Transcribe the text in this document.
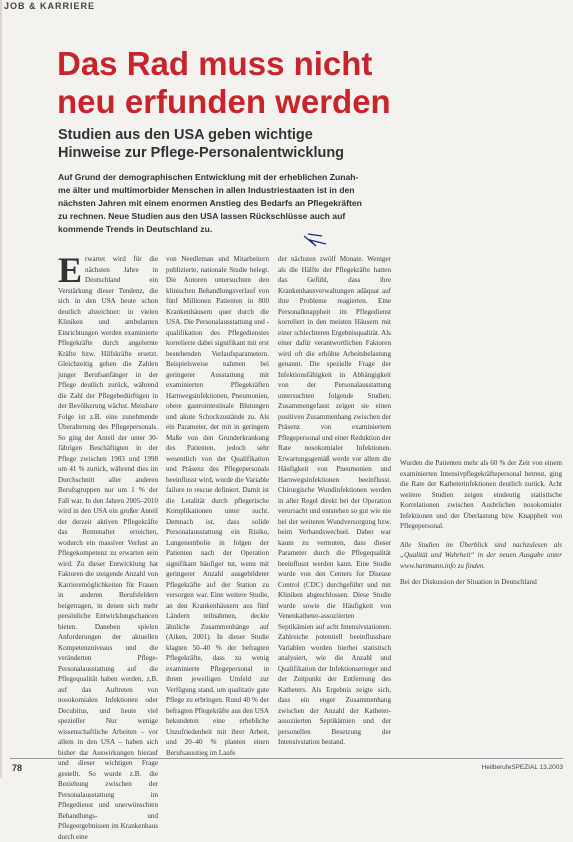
JOB & KARRIERE
Das Rad muss nicht
neu erfunden werden
Studien aus den USA geben wichtige
Hinweise zur Pflege-Personalentwicklung
Auf Grund der demographischen Entwicklung mit der erheblichen Zunah-
me älter und multimorbider Menschen in allen Industriestaaten ist in den
nächsten Jahren mit einem enormen Anstieg des Bedarfs an Pflegekräften
zu rechnen. Neue Studien aus den USA lassen Rückschlüsse auch auf
kommende Trends in Deutschland zu.
E rwartet wird für die nächsten Jahre in Deutschland ein Verstärkung dieser Tendenz, die sich in den USA heute schon deutlich abzeichnet: in vielen Kliniken und ambulanten Einrichtungen werden examinierte Pflegekräfte durch angelernte Kräfte bzw. Hilfskräfte ersetzt. Gleichzeitig gehen die Zahlen junger Berufsanfänger in der Pflege deutlich zurück, während die Zahl der Pflegebedürftigen in der Bevölkerung wächst. Messbare Folge ist z.B. eine zunehmende Überalterung des Pflegepersonals. So ging der Anteil der unter 30-Jährigen Beschäftigten in der Pflege zwischen 1983 und 1998 um 41 % zurück, während dies im Durchschnitt aller anderen Berufsgruppen nur um 1 % der Fall war. In den Jahren 2005–2010 wird in den USA ein großer Anteil der derzeit aktiven Pflegekräfte das Rentenalter erreichen, wodurch ein massiver Verlust an Pflegekompetenz zu erwarten sein wird. Zu dieser Entwicklung hat Faktoren die steigende Anzahl von Karrieremöglichkeiten für Frauen in anderen Berufsfeldern beigetragen, in denen sich mehr persönliche Entwicklungschancen bieten. Daneben spielen Anforderungen der aktuellen Kompetenzniveaus und die veränderten Pflege-Personalausstattung auf die Pflegequalität haben werden, z.B. auf das Auftreten von nosokomialen Infektionen oder Decubitus, und heute viel spezieller Nur wenige wissenschaftliche Arbeiten – vor allem in den USA – haben sich bisher dar Auswirkungen hierauf und dieser wichtigen Frage gestellt. So wurde z.B. die Beziehung zwischen der Personalausstattung im Pflegedienst und unerwünschten Behandlungs- und Pflegeergebnissen im Krankenhaus durch eine
von Needleman und Mitarbeitern publizierte, nationale Studie belegt. Die Autoren untersuchten den klinischen Behandlungsverlauf von fünf Millionen Patienten in 800 Krankenhäusern quer durch die USA. Die Personalausstattung und -qualifikation des Pflegedienstes korrelierte dabei signifikant mit erst bestehenden Verlaufsparametern. Beispielsweise nahmen bei geringerer Ausstattung mit examinierten Pflegekräften Harnwegsinfektionen, Pneumonien, obere gastrointestinale Blutungen und akute Schockzustände zu. Als ein Parameter, der mit in geringem Maße von den Grunderkrankung des Patienten, jedoch sehr wesentlich von der Qualifikation und Präsenz des Pflegepersonals beeinflusst wird, wurde die Variable failure to rescue definiert. Damit ist die Letalität durch pflegerische Komplikationen unter sucht. Demnach ist, dass solide Personalausstattung ein Risiko, Lungenembolie in folgen der Patienten nach der Operation signifikant häufiger tut, wenn mit geringerer Anzahl ausgebildeter Pflegekräfte auf der Station zu versorgen war. Eine weitere Studie, an den Krankenhäusern aus fünf Ländern teilnahmen, deckte ähnliche Zusammenhänge auf (Aiken, 2001). In dieser Studie klagten 50–40 % der befragten Pflegekräfte, dass zu wenig examinierte Pflegepersonal in ihrem jeweiligen Umfeld zur Verfügung stand, um qualitativ gute Pflege zu erbringen. Rund 40 % der befragten Pflegekräfte aus den USA bekundeten eine erhebliche Unzufriedenheit mit ihrer Arbeit, und 20–40 % planten einen Berufsausstieg im Laufe
der nächsten zwölf Monate. Weniger als die Hälfte der Pflegekräfte hatten das Gefühl, dass ihre Krankenhausverwaltungen adäquat auf ihre Probleme reagierten. Eine Personalknappheit im Pflegedienst korreliert in den meisten Häusern mit einer schlechteren Ergebnisqualität. Als einer dafür verantwortlichen Faktoren wird oft die erhöhte Arbeitsbelastung genannt. Die spezielle Frage der Infektionsfähigkeit in Abhängigkeit von der Personalausstattung untersuchten folgende Studien. Zusammengefasst zeigen sie einen positiven Zusammenhang zwischen der Präsenz von examiniertem Pflegepersonal und einer Reduktion der Rate nosokomialer Infektionen. Erwartungsgemäß werde vor allem die Häufigkeit von Pneumonien und Harnwegsinfektionen beeinflusst. Chirurgische Wundinfektionen werden in aller Regel direkt bei der Operation verursacht und entstehen so gut wie nie bei der weiteren Wundversorgung bzw. beim Verbandswechsel. Daher war kaum zu vermuten, dass dieser Parameter durch die Pflegequalität beeinflusst werden kann. Eine Studie wurde von den Centers for Disease Control (CDC) durchgeführt und mit Kliniken abgeschlossen. Diese Studie wurde sowie die Häufigkeit von Venenkatheter-assoziierten Septikämien auf acht Intensivstationen. Zahlreiche potentiell beeinflussbare Variablen wurden hierbei statistisch analysiert, wie die Anzahl und Qualifikation der Infektionserreger und der Zeitpunkt der Entfernung des Katheters. Als Ergebnis zeigte sich, dass ein enger Zusammenhang zwischen der Anzahl der Katheter-assoziierten Septikämien und der personellen Besetzung der Intensivstation bestand.
Wurden die Patienten mehr als 60 % der Zeit von einem examinierten Intensivpflegekräftepersonal betreut, ging die Rate der Katheterinfektionen deutlich zurück. Acht weitere Studien zeigen eindeutig statistische Korrelationen zwischen Ausbrüchen nosokomialer Infektionen und der Überlastung bzw. Knappheit von Pflegepersonal.
Alle Studien im Überblick sind nachzulesen als „Qualität und Wahrheit“ in der neuen Ausgabe unter www.hartmann.info zu finden.
Bei der Diskussion der Situation in Deutschland
78	HeilberufeSPEZIAL 13.2003
